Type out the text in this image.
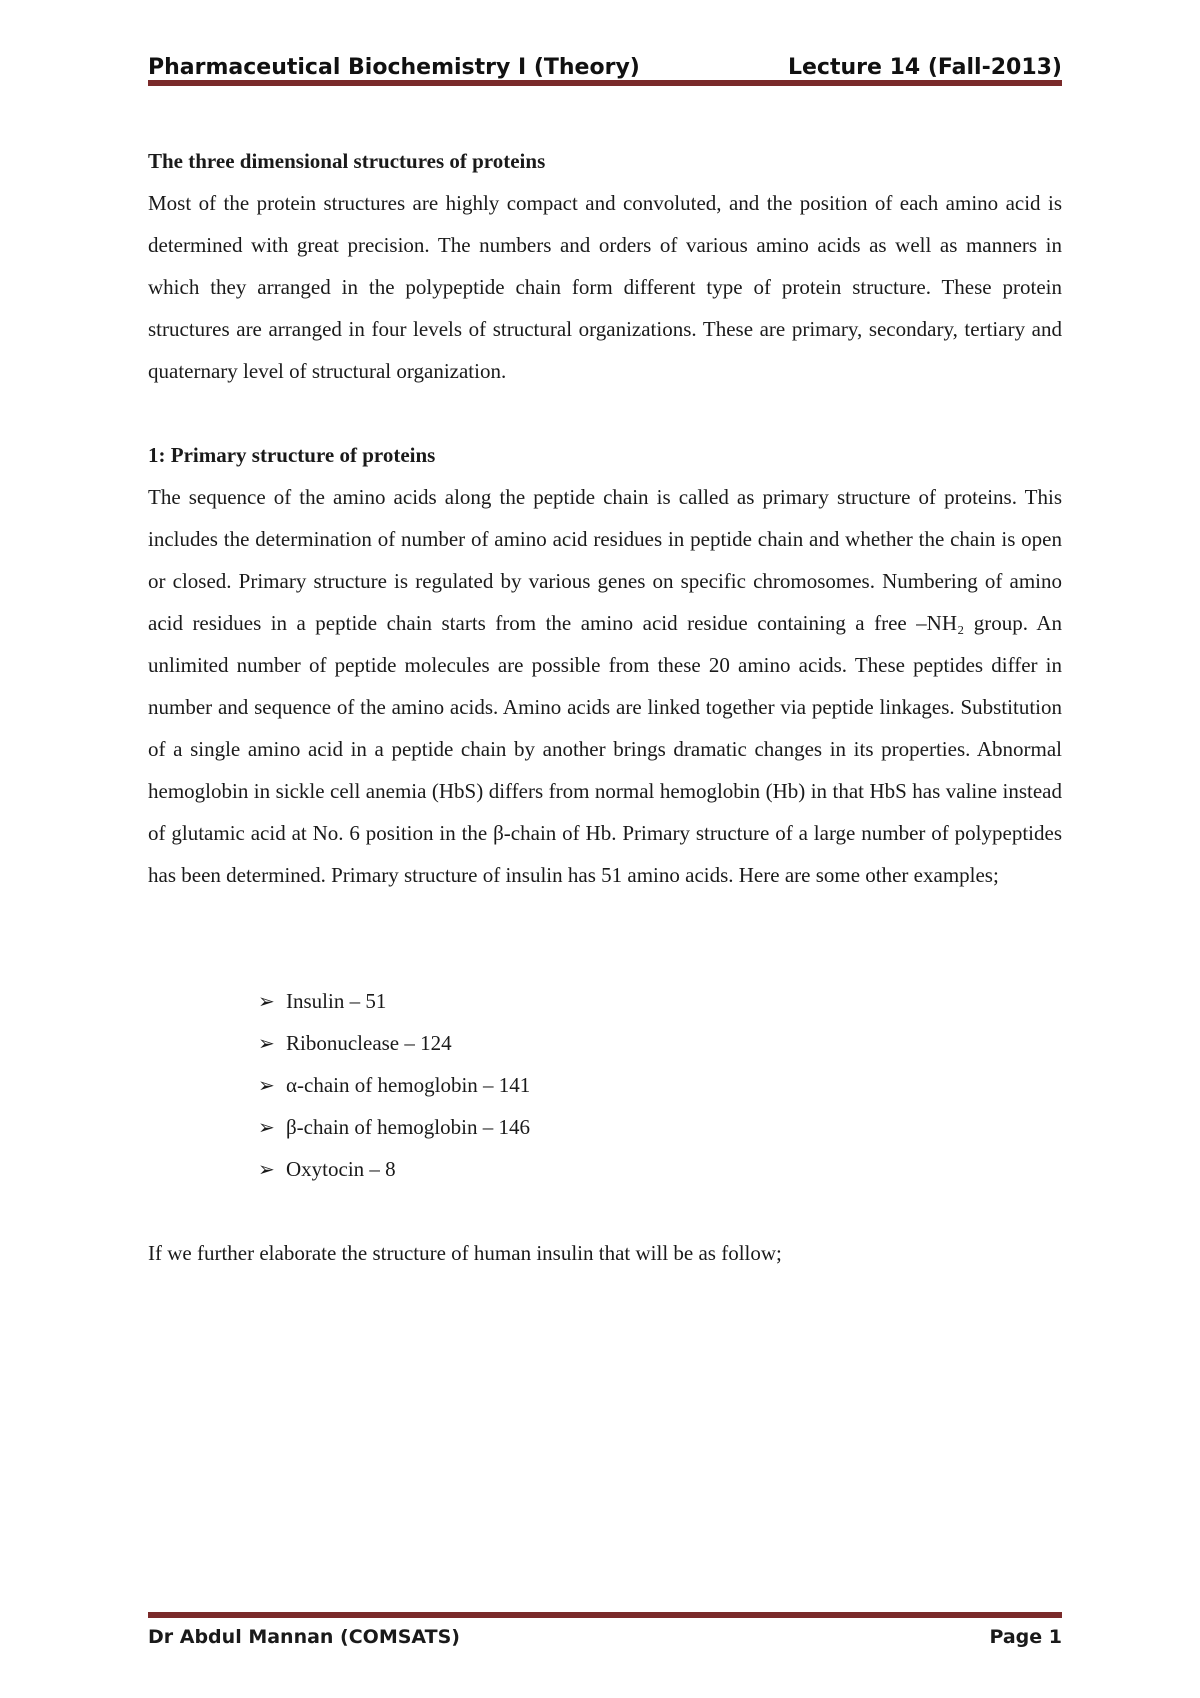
Pharmaceutical Biochemistry I (Theory)	Lecture 14 (Fall-2013)

The three dimensional structures of proteins

Most of the protein structures are highly compact and convoluted, and the position of each amino acid is determined with great precision. The numbers and orders of various amino acids as well as manners in which they arranged in the polypeptide chain form different type of protein structure. These protein structures are arranged in four levels of structural organizations. These are primary, secondary, tertiary and quaternary level of structural organization.

1: Primary structure of proteins

The sequence of the amino acids along the peptide chain is called as primary structure of proteins. This includes the determination of number of amino acid residues in peptide chain and whether the chain is open or closed. Primary structure is regulated by various genes on specific chromosomes. Numbering of amino acid residues in a peptide chain starts from the amino acid residue containing a free –NH₂ group. An unlimited number of peptide molecules are possible from these 20 amino acids. These peptides differ in number and sequence of the amino acids. Amino acids are linked together via peptide linkages. Substitution of a single amino acid in a peptide chain by another brings dramatic changes in its properties. Abnormal hemoglobin in sickle cell anemia (HbS) differs from normal hemoglobin (Hb) in that HbS has valine instead of glutamic acid at No. 6 position in the β-chain of Hb. Primary structure of a large number of polypeptides has been determined. Primary structure of insulin has 51 amino acids. Here are some other examples;

➢ Insulin – 51
➢ Ribonuclease – 124
➢ α-chain of hemoglobin – 141
➢ β-chain of hemoglobin – 146
➢ Oxytocin – 8

If we further elaborate the structure of human insulin that will be as follow;

Dr Abdul Mannan (COMSATS)	Page 1
